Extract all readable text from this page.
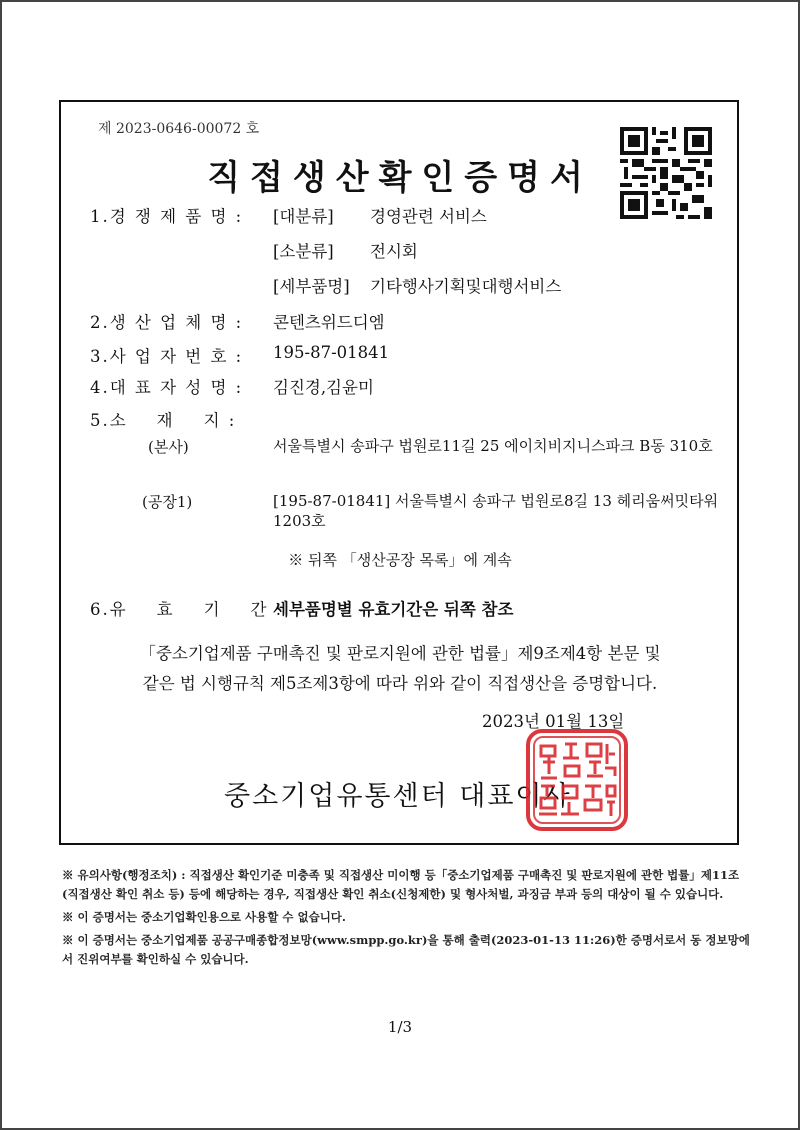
제 2023-0646-00072 호
직접생산확인증명서
1.경 쟁 제 품 명 : [대분류] 경영관련 서비스
[소분류] 전시회
[세부품명] 기타행사기획및대행서비스
2.생 산 업 체 명 : 콘텐츠위드디엠
3.사 업 자 번 호 : 195-87-01841
4.대 표 자 성 명 : 김진경,김윤미
5.소    재    지 :
(본사)	서울특별시 송파구 법원로11길 25 에이치비지니스파크 B동 310호
(공장1)	[195-87-01841] 서울특별시 송파구 법원로8길 13 헤리움써밋타워 1203호
※ 뒤쪽 「생산공장 목록」에 계속
6.유    효    기    간 :
세부품명별 유효기간은 뒤쪽 참조
「중소기업제품 구매촉진 및 판로지원에 관한 법률」제9조제4항 본문 및
같은 법 시행규칙 제5조제3항에 따라 위와 같이 직접생산을 증명합니다.
2023년 01월 13일
중소기업유통센터 대표이사
※ 유의사항(행정조치) : 직접생산 확인기준 미충족 및 직접생산 미이행 등「중소기업제품 구매촉진 및 판로지원에 관한 법률」제11조(직접생산 확인 취소 등) 등에 해당하는 경우, 직접생산 확인 취소(신청제한) 및 형사처벌, 과징금 부과 등의 대상이 될 수 있습니다.
※ 이 증명서는 중소기업확인용으로 사용할 수 없습니다.
※ 이 증명서는 중소기업제품 공공구매종합정보망(www.smpp.go.kr)을 통해 출력(2023-01-13 11:26)한 증명서로서 동 정보망에서 진위여부를 확인하실 수 있습니다.
1/3
